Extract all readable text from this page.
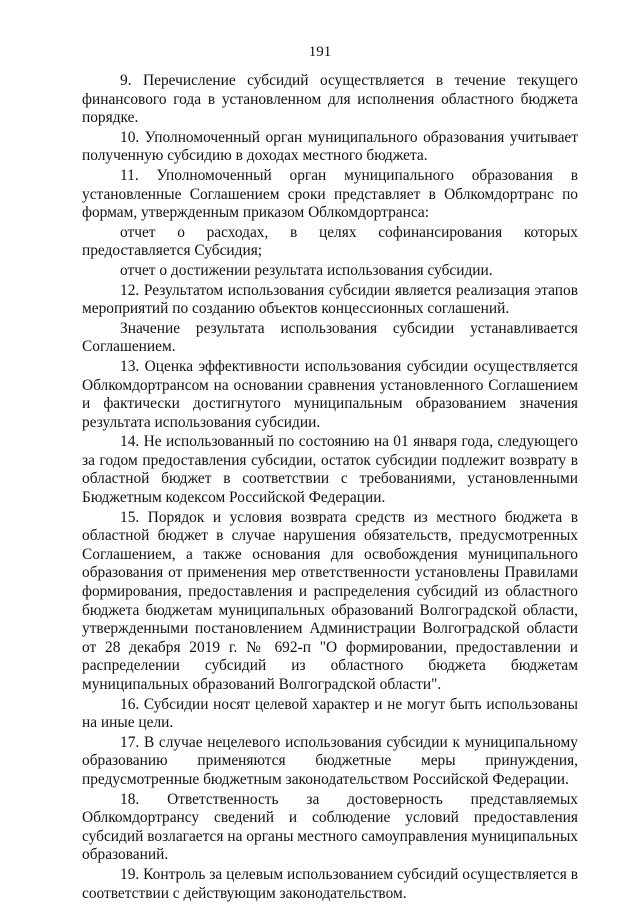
191

9. Перечисление субсидий осуществляется в течение текущего финансового года в установленном для исполнения областного бюджета порядке.

10. Уполномоченный орган муниципального образования учитывает полученную субсидию в доходах местного бюджета.

11. Уполномоченный орган муниципального образования в установленные Соглашением сроки представляет в Облкомдортранс по формам, утвержденным приказом Облкомдортранса:

отчет о расходах, в целях софинансирования которых предоставляется Субсидия;

отчет о достижении результата использования субсидии.

12. Результатом использования субсидии является реализация этапов мероприятий по созданию объектов концессионных соглашений.

Значение результата использования субсидии устанавливается Соглашением.

13. Оценка эффективности использования субсидии осуществляется Облкомдортрансом на основании сравнения установленного Соглашением и фактически достигнутого муниципальным образованием значения результата использования субсидии.

14. Не использованный по состоянию на 01 января года, следующего за годом предоставления субсидии, остаток субсидии подлежит возврату в областной бюджет в соответствии с требованиями, установленными Бюджетным кодексом Российской Федерации.

15. Порядок и условия возврата средств из местного бюджета в областной бюджет в случае нарушения обязательств, предусмотренных Соглашением, а также основания для освобождения муниципального образования от применения мер ответственности установлены Правилами формирования, предоставления и распределения субсидий из областного бюджета бюджетам муниципальных образований Волгоградской области, утвержденными постановлением Администрации Волгоградской области от 28 декабря 2019 г. № 692-п "О формировании, предоставлении и распределении субсидий из областного бюджета бюджетам муниципальных образований Волгоградской области".

16. Субсидии носят целевой характер и не могут быть использованы на иные цели.

17. В случае нецелевого использования субсидии к муниципальному образованию применяются бюджетные меры принуждения, предусмотренные бюджетным законодательством Российской Федерации.

18. Ответственность за достоверность представляемых Облкомдортрансу сведений и соблюдение условий предоставления субсидий возлагается на органы местного самоуправления муниципальных образований.

19. Контроль за целевым использованием субсидий осуществляется в соответствии с действующим законодательством.
